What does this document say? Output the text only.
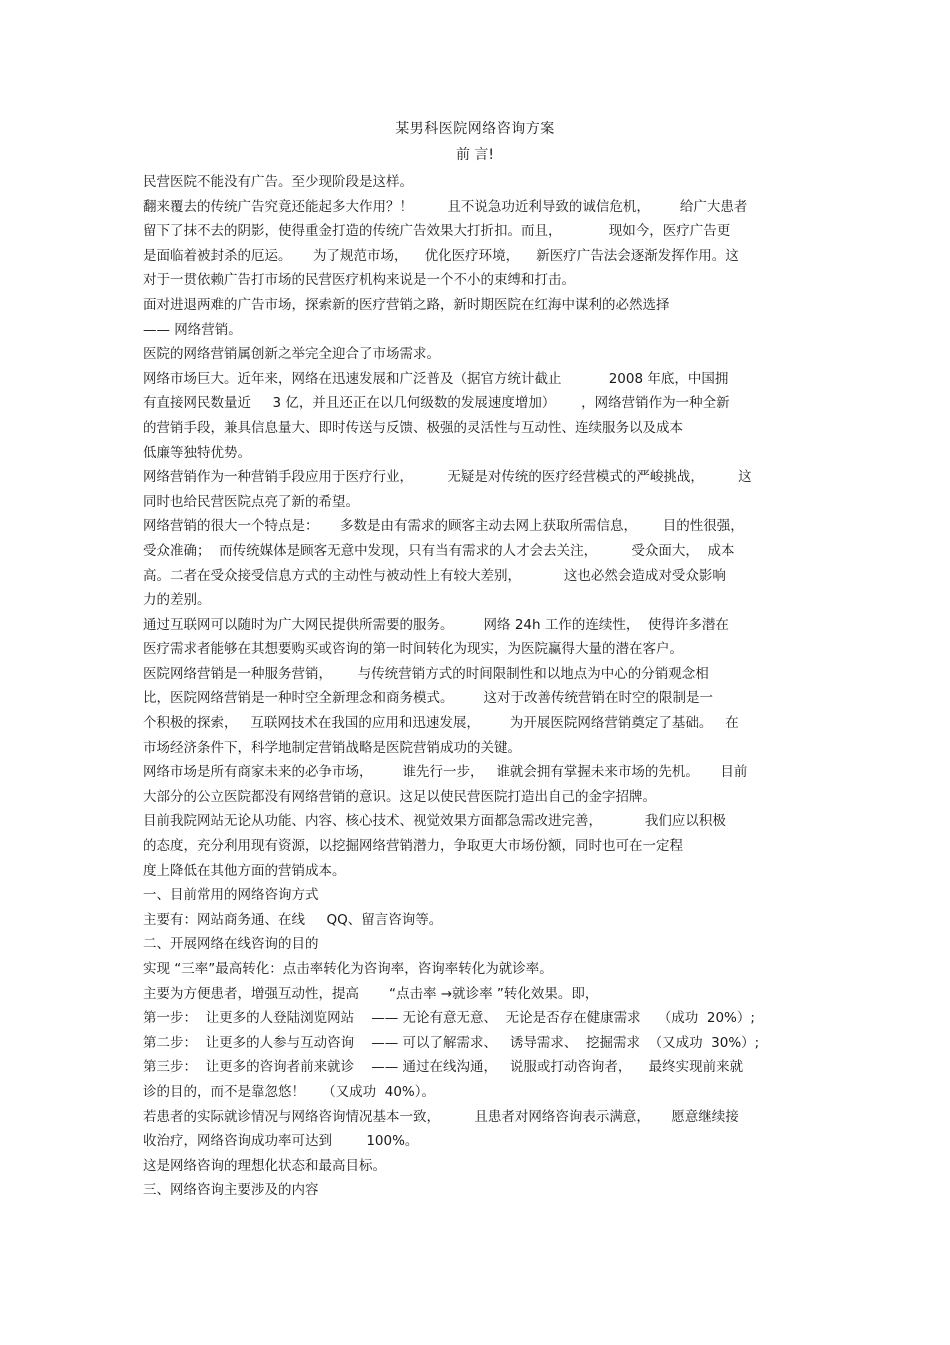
某男科医院网络咨询方案
前 言!
民营医院不能没有广告。至少现阶段是这样。
翻来覆去的传统广告究竟还能起多大作用？！        且不说急功近利导致的诚信危机，       给广大患者
留下了抹不去的阴影，使得重金打造的传统广告效果大打折扣。而且，           现如今，医疗广告更
是面临着被封杀的厄运。     为了规范市场，    优化医疗环境，    新医疗广告法会逐渐发挥作用。这
对于一贯依赖广告打市场的民营医疗机构来说是一个不小的束缚和打击。
面对进退两难的广告市场，探索新的医疗营销之路，新时期医院在红海中谋利的必然选择
—— 网络营销。
医院的网络营销属创新之举完全迎合了市场需求。
网络市场巨大。近年来，网络在迅速发展和广泛普及（据官方统计截止           2008 年底，中国拥
有直接网民数量近     3 亿，并且还正在以几何级数的发展速度增加）      ，网络营销作为一种全新
的营销手段，兼具信息量大、即时传送与反馈、极强的灵活性与互动性、连续服务以及成本
低廉等独特优势。
网络营销作为一种营销手段应用于医疗行业，        无疑是对传统的医疗经营模式的严峻挑战，        这
同时也给民营医院点亮了新的希望。
网络营销的很大一个特点是：     多数是由有需求的顾客主动去网上获取所需信息，      目的性很强，
受众准确；  而传统媒体是顾客无意中发现，只有当有需求的人才会去关注，        受众面大，  成本
高。二者在受众接受信息方式的主动性与被动性上有较大差别，          这也必然会造成对受众影响
力的差别。
通过互联网可以随时为广大网民提供所需要的服务。       网络 24h 工作的连续性，  使得许多潜在
医疗需求者能够在其想要购买或咨询的第一时间转化为现实，为医院赢得大量的潜在客户。
医院网络营销是一种服务营销，      与传统营销方式的时间限制性和以地点为中心的分销观念相
比，医院网络营销是一种时空全新理念和商务模式。       这对于改善传统营销在时空的限制是一
个积极的探索，   互联网技术在我国的应用和迅速发展，       为开展医院网络营销奠定了基础。   在
市场经济条件下，科学地制定营销战略是医院营销成功的关键。
网络市场是所有商家未来的必争市场，       谁先行一步，   谁就会拥有掌握未来市场的先机。     目前
大部分的公立医院都没有网络营销的意识。这足以使民营医院打造出自己的金字招牌。
目前我院网站无论从功能、内容、核心技术、视觉效果方面都急需改进完善，          我们应以积极
的态度，充分利用现有资源，以挖掘网络营销潜力，争取更大市场份额，同时也可在一定程
度上降低在其他方面的营销成本。
一、目前常用的网络咨询方式
主要有：网站商务通、在线     QQ、留言咨询等。
二、开展网络在线咨询的目的
实现 “三率”最高转化：点击率转化为咨询率，咨询率转化为就诊率。
主要为方便患者，增强互动性，提高       “点击率 →就诊率 ”转化效果。即，
第一步：  让更多的人登陆浏览网站    —— 无论有意无意、  无论是否存在健康需求    （成功  20%）;
第二步：  让更多的人参与互动咨询    —— 可以了解需求、   诱导需求、  挖掘需求  （又成功  30%）;
第三步：  让更多的咨询者前来就诊    —— 通过在线沟通，   说服或打动咨询者，    最终实现前来就
诊的目的，而不是靠忽悠！    （又成功  40%）。
若患者的实际就诊情况与网络咨询情况基本一致，        且患者对网络咨询表示满意，     愿意继续接
收治疗，网络咨询成功率可达到        100%。
这是网络咨询的理想化状态和最高目标。
三、网络咨询主要涉及的内容
